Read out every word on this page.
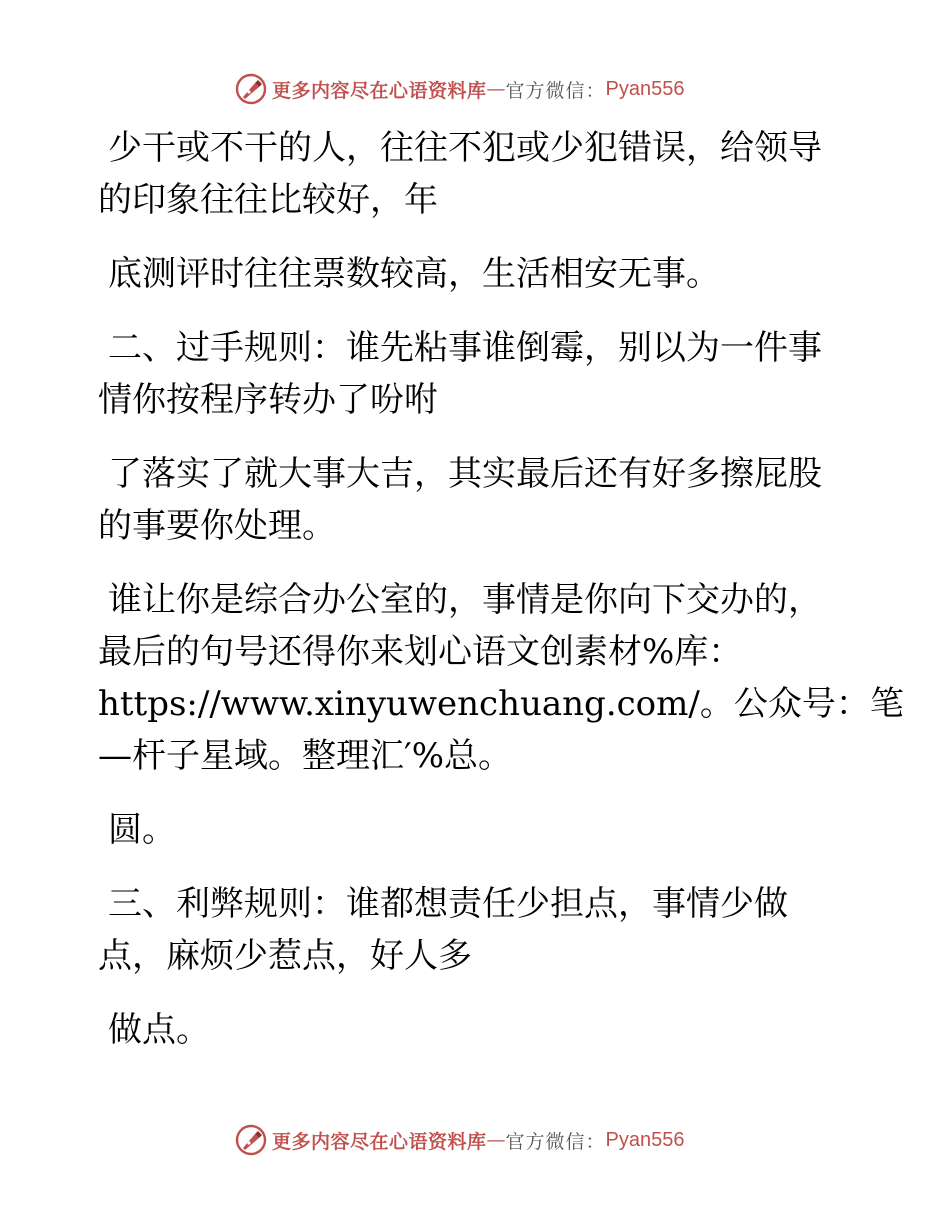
更多内容尽在心语资料库 — 官方微信： Pyan556

少干或不干的人，往往不犯或少犯错误，给领导
的印象往往比较好，年

底测评时往往票数较高，生活相安无事。

二、过手规则：谁先粘事谁倒霉，别以为一件事
情你按程序转办了吩咐

了落实了就大事大吉，其实最后还有好多擦屁股
的事要你处理。

谁让你是综合办公室的，事情是你向下交办的，
最后的句号还得你来划心语文创素材%库：
https://www.xinyuwenchuang.com/。公众号：笔
—杆子星域。整理汇′%总。

圆。

三、利弊规则：谁都想责任少担点，事情少做
点，麻烦少惹点，好人多

做点。

更多内容尽在心语资料库 — 官方微信： Pyan556
